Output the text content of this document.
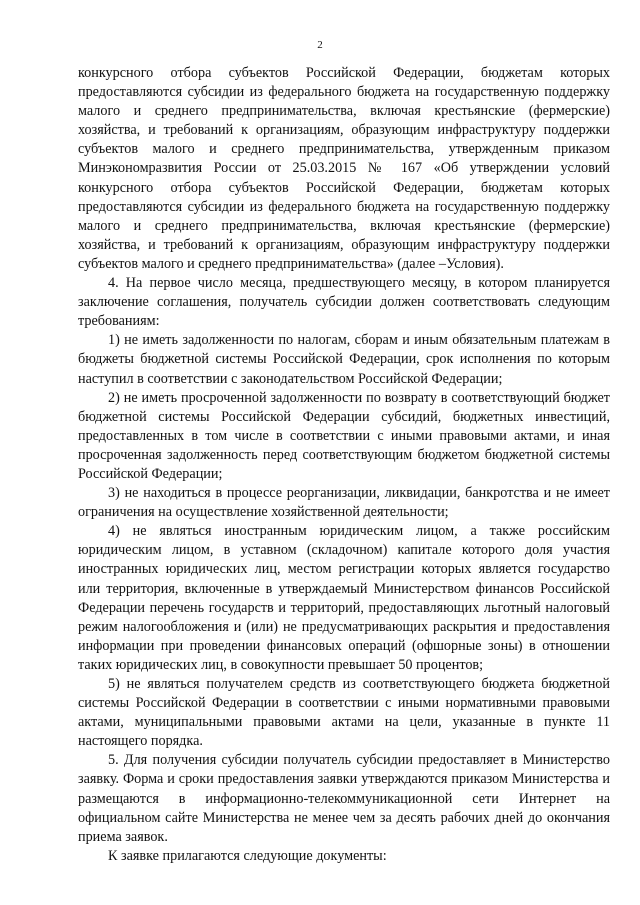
2

конкурсного отбора субъектов Российской Федерации, бюджетам которых предоставляются субсидии из федерального бюджета на государственную поддержку малого и среднего предпринимательства, включая крестьянские (фермерские) хозяйства, и требований к организациям, образующим инфраструктуру поддержки субъектов малого и среднего предпринимательства, утвержденным приказом Минэкономразвития России от 25.03.2015 № 167 «Об утверждении условий конкурсного отбора субъектов Российской Федерации, бюджетам которых предоставляются субсидии из федерального бюджета на государственную поддержку малого и среднего предпринимательства, включая крестьянские (фермерские) хозяйства, и требований к организациям, образующим инфраструктуру поддержки субъектов малого и среднего предпринимательства» (далее –Условия).

4. На первое число месяца, предшествующего месяцу, в котором планируется заключение соглашения, получатель субсидии должен соответствовать следующим требованиям:

1) не иметь задолженности по налогам, сборам и иным обязательным платежам в бюджеты бюджетной системы Российской Федерации, срок исполнения по которым наступил в соответствии с законодательством Российской Федерации;

2) не иметь просроченной задолженности по возврату в соответствующий бюджет бюджетной системы Российской Федерации субсидий, бюджетных инвестиций, предоставленных в том числе в соответствии с иными правовыми актами, и иная просроченная задолженность перед соответствующим бюджетом бюджетной системы Российской Федерации;

3) не находиться в процессе реорганизации, ликвидации, банкротства и не имеет ограничения на осуществление хозяйственной деятельности;

4) не являться иностранным юридическим лицом, а также российским юридическим лицом, в уставном (складочном) капитале которого доля участия иностранных юридических лиц, местом регистрации которых является государство или территория, включенные в утверждаемый Министерством финансов Российской Федерации перечень государств и территорий, предоставляющих льготный налоговый режим налогообложения и (или) не предусматривающих раскрытия и предоставления информации при проведении финансовых операций (офшорные зоны) в отношении таких юридических лиц, в совокупности превышает 50 процентов;

5) не являться получателем средств из соответствующего бюджета бюджетной системы Российской Федерации в соответствии с иными нормативными правовыми актами, муниципальными правовыми актами на цели, указанные в пункте 11 настоящего порядка.

5. Для получения субсидии получатель субсидии предоставляет в Министерство заявку. Форма и сроки предоставления заявки утверждаются приказом Министерства и размещаются в информационно-телекоммуникационной сети Интернет на официальном сайте Министерства не менее чем за десять рабочих дней до окончания приема заявок.

К заявке прилагаются следующие документы:
